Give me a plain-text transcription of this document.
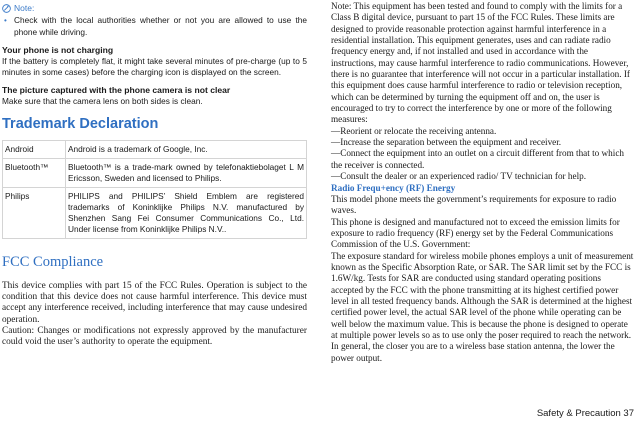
Note:
• Check with the local authorities whether or not you are allowed to use the phone while driving.
Your phone is not charging

If the battery is completely flat, it might take several minutes of pre-charge (up to 5 minutes in some cases) before the charging icon is displayed on the screen.

The picture captured with the phone camera is not clear

Make sure that the camera lens on both sides is clean.

Trademark Declaration
Android	Android is a trademark of Google, Inc.
Bluetooth™	Bluetooth™ is a trade-mark owned by telefonaktiebolaget L M Ericsson, Sweden and licensed to Philips.
Philips	PHILIPS and PHILIPS’ Shield Emblem are registered trademarks of Koninklijke Philips N.V. manufactured by Shenzhen Sang Fei Consumer Communications Co., Ltd. Under license from Koninklijke Philips N.V..
FCC Compliance

This device complies with part 15 of the FCC Rules. Operation is subject to the condition that this device does not cause harmful interference. This device must accept any interference received, including interference that may cause undesired operation.

Caution: Changes or modifications not expressly approved by the manufacturer could void the user’s authority to operate the equipment.

Note: This equipment has been tested and found to comply with the limits for a Class B digital device, pursuant to part 15 of the FCC Rules. These limits are designed to provide reasonable protection against harmful interference in a residential installation. This equipment generates, uses and can radiate radio frequency energy and, if not installed and used in accordance with the instructions, may cause harmful interference to radio communications. However, there is no guarantee that interference will not occur in a particular installation. If this equipment does cause harmful interference to radio or television reception, which can be determined by turning the equipment off and on, the user is encouraged to try to correct the interference by one or more of the following measures:

—Reorient or relocate the receiving antenna.

—Increase the separation between the equipment and receiver.

—Connect the equipment into an outlet on a circuit different from that to which the receiver is connected.

—Consult the dealer or an experienced radio/ TV technician for help.

Radio Frequ+ency (RF) Energy

This model phone meets the government’s requirements for exposure to radio waves.

This phone is designed and manufactured not to exceed the emission limits for exposure to radio frequency (RF) energy set by the Federal Communications Commission of the U.S. Government:

The exposure standard for wireless mobile phones employs a unit of measurement known as the Specific Absorption Rate, or SAR. The SAR limit set by the FCC is 1.6W/kg. Tests for SAR are conducted using standard operating positions accepted by the FCC with the phone transmitting at its highest certified power level in all tested frequency bands. Although the SAR is determined at the highest certified power level, the actual SAR level of the phone while operating can be well below the maximum value. This is because the phone is designed to operate at multiple power levels so as to use only the poser required to reach the network. In general, the closer you are to a wireless base station antenna, the lower the power output.

Safety & Precaution 37
